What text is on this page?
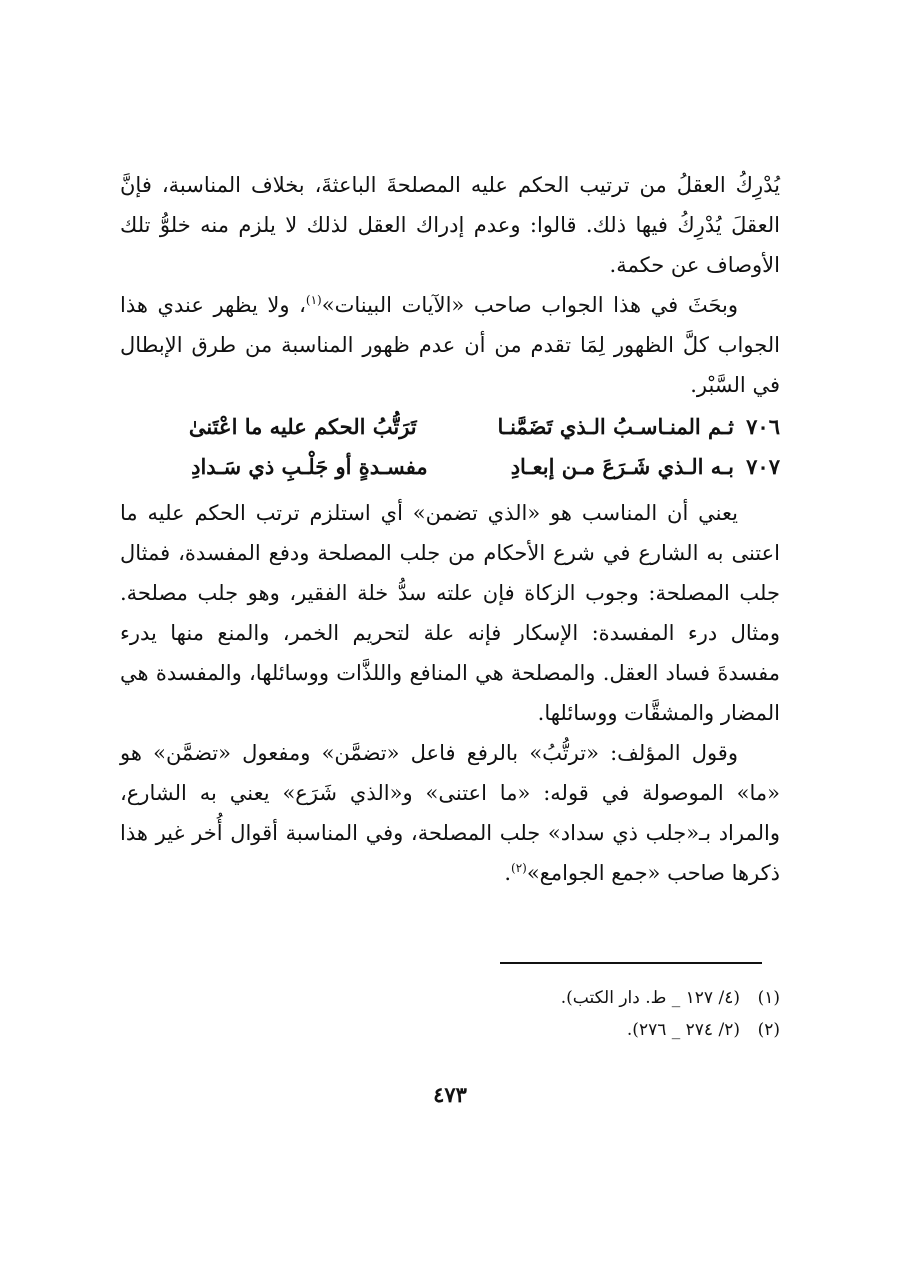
يُدْرِكُ العقلُ من ترتيب الحكم عليه المصلحةَ الباعثةَ، بخلاف المناسبة، فإنَّ العقلَ يُدْرِكُ فيها ذلك. قالوا: وعدم إدراك العقل لذلك لا يلزم منه خلوُّ تلك الأوصاف عن حكمة.

وبحَثَ في هذا الجواب صاحب «الآيات البينات»$^{(١)}$، ولا يظهر عندي هذا الجواب كلَّ الظهور لِمَا تقدم من أن عدم ظهور المناسبة من طرق الإبطال في السَّبْر.

٧٠٦
ثـم المنـاسـبُ الـذي تَضَمَّنـا
تَرَتُّبُ الحكم عليه ما اعْتَنىٰ
٧٠٧
بـه الـذي شَـرَعَ مـن إبعـادِ
مفسـدةٍ أو جَلْـبِ ذي سَـدادِ

يعني أن المناسب هو «الذي تضمن» أي استلزم ترتب الحكم عليه ما اعتنى به الشارع في شرع الأحكام من جلب المصلحة ودفع المفسدة، فمثال جلب المصلحة: وجوب الزكاة فإن علته سدُّ خلة الفقير، وهو جلب مصلحة. ومثال درء المفسدة: الإسكار فإنه علة لتحريم الخمر، والمنع منها يدرء مفسدةَ فساد العقل. والمصلحة هي المنافع واللذَّات ووسائلها، والمفسدة هي المضار والمشقَّات ووسائلها.

وقول المؤلف: «ترتُّبُ» بالرفع فاعل «تضمَّن» ومفعول «تضمَّن» هو «ما» الموصولة في قوله: «ما اعتنى» و«الذي شَرَع» يعني به الشارع، والمراد بـ«جلب ذي سداد» جلب المصلحة، وفي المناسبة أقوال أُخر غير هذا ذكرها صاحب «جمع الجوامع»$^{(٢)}$.

(١)
(٤/ ١٢٧ _ ط. دار الكتب).
(٢)
(٢/ ٢٧٤ _ ٢٧٦).
٤٧٣
